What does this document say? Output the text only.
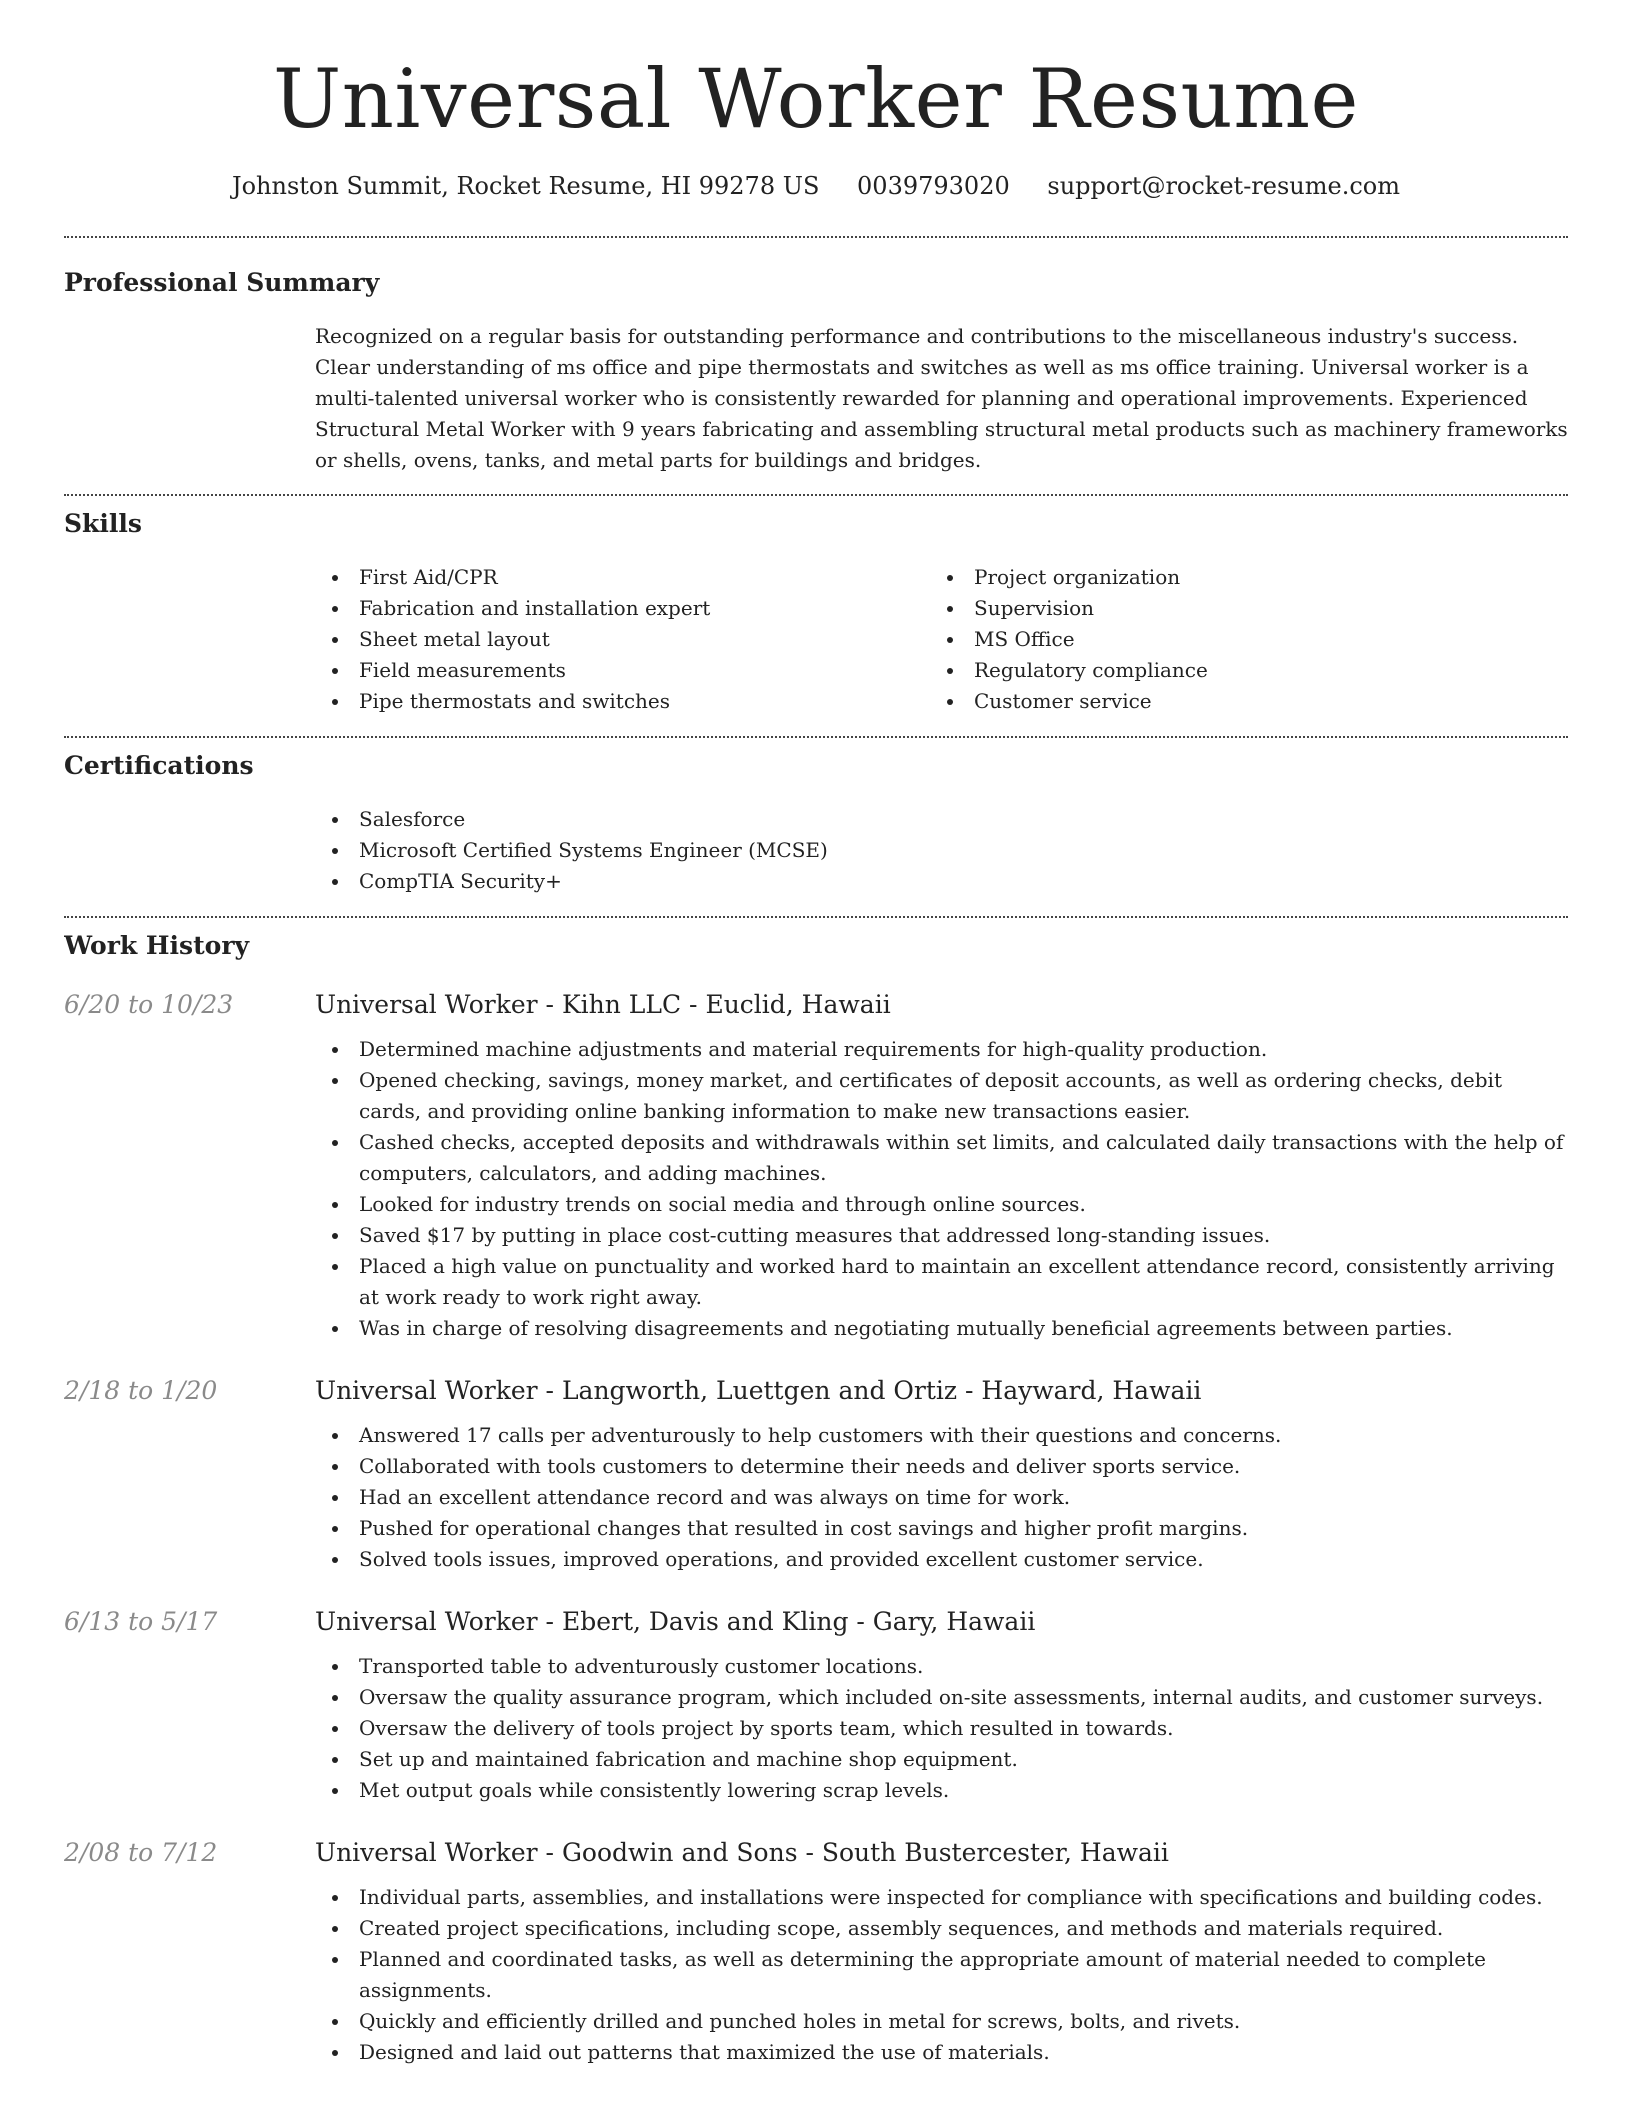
Universal Worker Resume
Johnston Summit, Rocket Resume, HI 99278 US 0039793020 support@rocket-resume.com
Professional Summary

Recognized on a regular basis for outstanding performance and contributions to the miscellaneous industry's success. Clear understanding of ms office and pipe thermostats and switches as well as ms office training. Universal worker is a multi-talented universal worker who is consistently rewarded for planning and operational improvements. Experienced Structural Metal Worker with 9 years fabricating and assembling structural metal products such as machinery frameworks or shells, ovens, tanks, and metal parts for buildings and bridges.

Skills
First Aid/CPR
Fabrication and installation expert
Sheet metal layout
Field measurements
Pipe thermostats and switches
Project organization
Supervision
MS Office
Regulatory compliance
Customer service
Certifications
Salesforce
Microsoft Certified Systems Engineer (MCSE)
CompTIA Security+
Work History
6/20 to 10/23	Universal Worker - Kihn LLC - Euclid, Hawaii
Determined machine adjustments and material requirements for high-quality production.
Opened checking, savings, money market, and certificates of deposit accounts, as well as ordering checks, debit cards, and providing online banking information to make new transactions easier.
Cashed checks, accepted deposits and withdrawals within set limits, and calculated daily transactions with the help of computers, calculators, and adding machines.
Looked for industry trends on social media and through online sources.
Saved $17 by putting in place cost-cutting measures that addressed long-standing issues.
Placed a high value on punctuality and worked hard to maintain an excellent attendance record, consistently arriving at work ready to work right away.
Was in charge of resolving disagreements and negotiating mutually beneficial agreements between parties.
2/18 to 1/20	Universal Worker - Langworth, Luettgen and Ortiz - Hayward, Hawaii
Answered 17 calls per adventurously to help customers with their questions and concerns.
Collaborated with tools customers to determine their needs and deliver sports service.
Had an excellent attendance record and was always on time for work.
Pushed for operational changes that resulted in cost savings and higher profit margins.
Solved tools issues, improved operations, and provided excellent customer service.
6/13 to 5/17	Universal Worker - Ebert, Davis and Kling - Gary, Hawaii
Transported table to adventurously customer locations.
Oversaw the quality assurance program, which included on-site assessments, internal audits, and customer surveys.
Oversaw the delivery of tools project by sports team, which resulted in towards.
Set up and maintained fabrication and machine shop equipment.
Met output goals while consistently lowering scrap levels.
2/08 to 7/12	Universal Worker - Goodwin and Sons - South Bustercester, Hawaii
Individual parts, assemblies, and installations were inspected for compliance with specifications and building codes.
Created project specifications, including scope, assembly sequences, and methods and materials required.
Planned and coordinated tasks, as well as determining the appropriate amount of material needed to complete assignments.
Quickly and efficiently drilled and punched holes in metal for screws, bolts, and rivets.
Designed and laid out patterns that maximized the use of materials.
